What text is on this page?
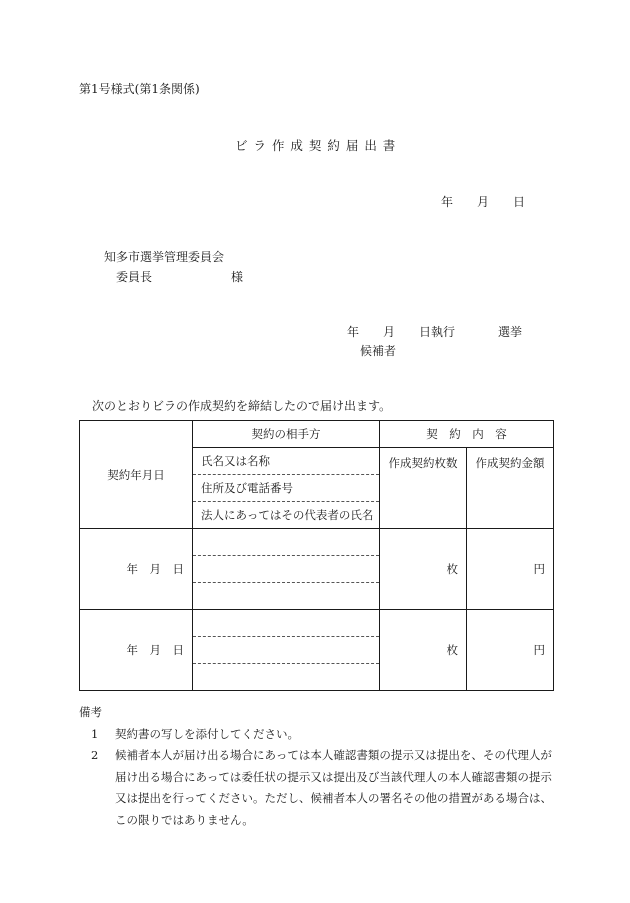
第1号様式(第1条関係)
ビ ラ 作 成 契 約 届 出 書
年　　月　　日
知多市選挙管理委員会
委員長	様
年　　月　　日執行	選挙
候補者
次のとおりビラの作成契約を締結したので届け出ます。
契約年月日	契約の相手方	契　約　内　容	
	氏名又は名称	作成契約枚数	作成契約金額
	住所及び電話番号		
	法人にあってはその代表者の氏名		
年　月　日		枚	円

年　月　日		枚	円

備考
1 契約書の写しを添付してください。
2 候補者本人が届け出る場合にあっては本人確認書類の提示又は提出を、その代理人が届け出る場合にあっては委任状の提示又は提出及び当該代理人の本人確認書類の提示又は提出を行ってください。ただし、候補者本人の署名その他の措置がある場合は、この限りではありません。
